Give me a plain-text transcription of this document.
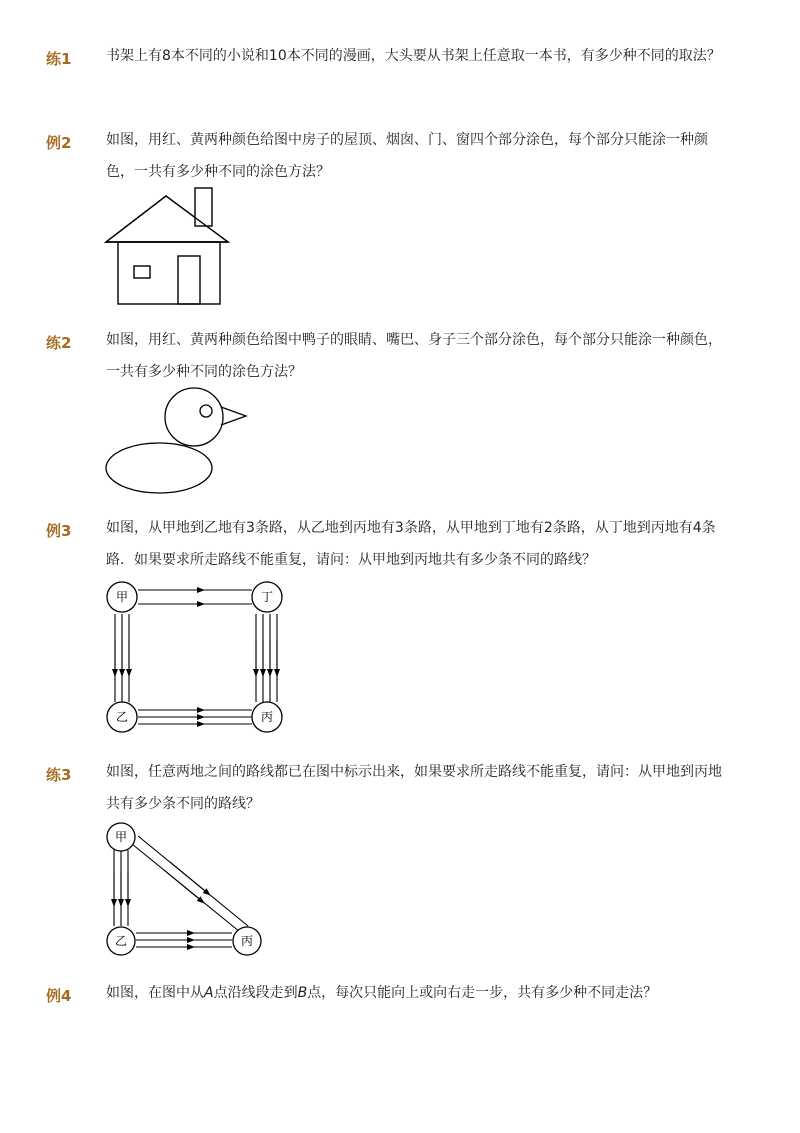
练1 书架上有8本不同的小说和10本不同的漫画，大头要从书架上任意取一本书，有多少种不同的取法？
例2 如图，用红、黄两种颜色给图中房子的屋顶、烟囱、门、窗四个部分涂色，每个部分只能涂一种颜色，一共有多少种不同的涂色方法？
练2 如图，用红、黄两种颜色给图中鸭子的眼睛、嘴巴、身子三个部分涂色，每个部分只能涂一种颜色，一共有多少种不同的涂色方法？
例3 如图，从甲地到乙地有3条路，从乙地到丙地有3条路，从甲地到丁地有2条路，从丁地到丙地有4条路．如果要求所走路线不能重复，请问：从甲地到丙地共有多少条不同的路线？
甲	丁
乙	丙
练3 如图，任意两地之间的路线都已在图中标示出来，如果要求所走路线不能重复，请问：从甲地到丙地共有多少条不同的路线？
甲
乙	丙
例4 如图，在图中从A点沿线段走到B点，每次只能向上或向右走一步，共有多少种不同走法？
